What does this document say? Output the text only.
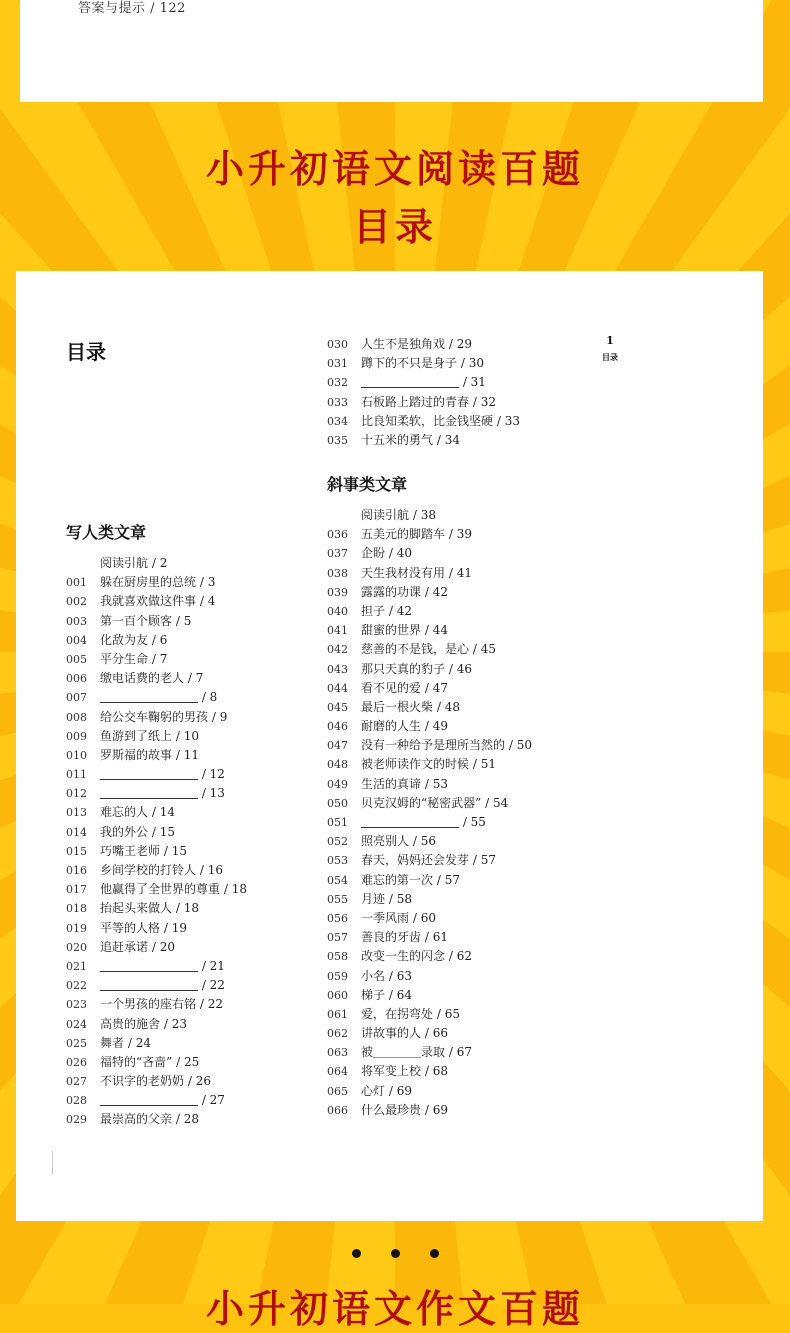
答案与提示 / 122
小升初语文阅读百题
目录
目录	1
目录
写人类文章
阅读引航 / 2
001 躲在厨房里的总统 / 3
002 我就喜欢做这件事 / 4
003 第一百个顾客 / 5
004 化敌为友 / 6
005 平分生命 / 7
006 缴电话费的老人 / 7
007	/ 8
008 给公交车鞠躬的男孩 / 9
009 鱼游到了纸上 / 10
010 罗斯福的故事 / 11
011	/ 12
012	/ 13
013 难忘的人 / 14
014 我的外公 / 15
015 巧嘴王老师 / 15
016 乡间学校的打铃人 / 16
017 他赢得了全世界的尊重 / 18
018 抬起头来做人 / 18
019 平等的人格 / 19
020 追赶承诺 / 20
021	/ 21
022	/ 22
023 一个男孩的座右铭 / 22
024 高贵的施舍 / 23
025 舞者 / 24
026 福特的“吝啬” / 25
027 不识字的老奶奶 / 26
028	/ 27
029 最崇高的父亲 / 28
030 人生不是独角戏 / 29
031 蹲下的不只是身子 / 30
032	/ 31
033 石板路上踏过的青春 / 32
034 比良知柔软，比金钱坚硬 / 33
035 十五米的勇气 / 34
斜事类文章
阅读引航 / 38
036 五美元的脚踏车 / 39
037 企盼 / 40
038 天生我材没有用 / 41
039 露露的功课 / 42
040 担子 / 42
041 甜蜜的世界 / 44
042 慈善的不是钱，是心 / 45
043 那只天真的豹子 / 46
044 看不见的爱 / 47
045 最后一根火柴 / 48
046 耐磨的人生 / 49
047 没有一种给予是理所当然的 / 50
048 被老师读作文的时候 / 51
049 生活的真谛 / 53
050 贝克汉姆的“秘密武器” / 54
051	/ 55
052 照亮别人 / 56
053 春天，妈妈还会发芽 / 57
054 难忘的第一次 / 57
055 月迹 / 58
056 一季风雨 / 60
057 善良的牙齿 / 61
058 改变一生的闪念 / 62
059 小名 / 63
060 梯子 / 64
061 爱，在拐弯处 / 65
062 讲故事的人 / 66
063 被＿＿＿＿录取 / 67
064 将军变上校 / 68
065 心灯 / 69
066 什么最珍贵 / 69
小升初语文作文百题
